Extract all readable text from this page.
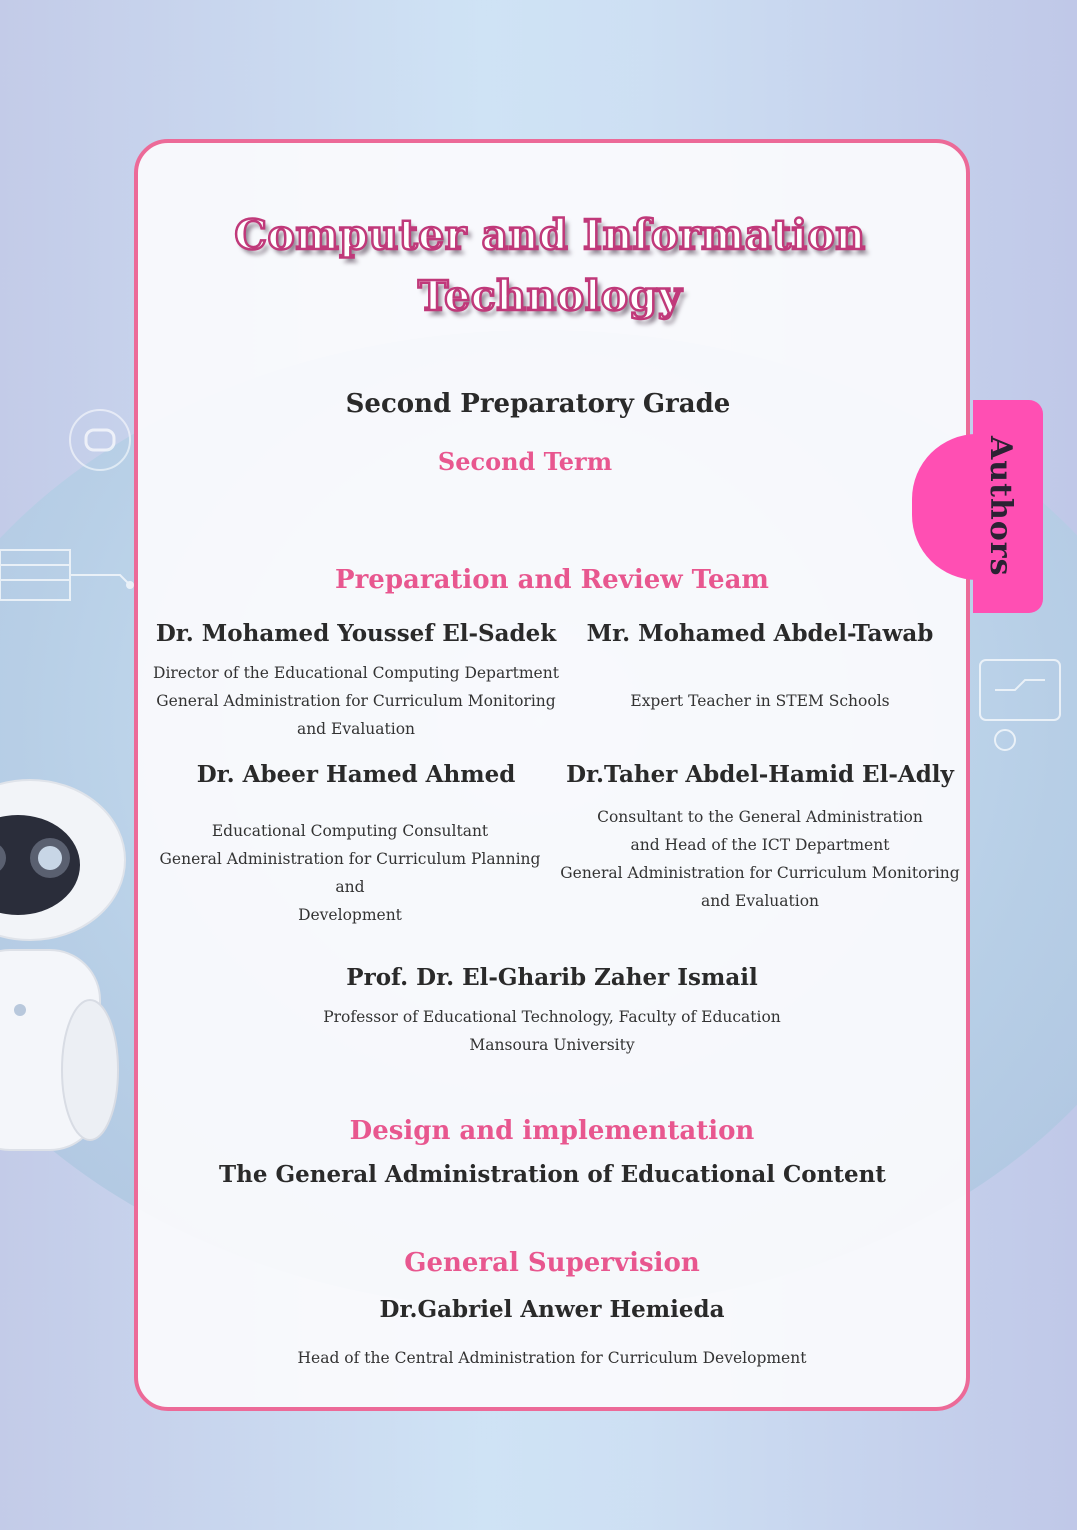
Authors
Computer and Information
Technology
Second Preparatory Grade
Second Term
Preparation and Review Team
Dr. Mohamed Youssef El-Sadek
Director of the Educational Computing Department
General Administration for Curriculum Monitoring
and Evaluation
Mr. Mohamed Abdel-Tawab
Expert Teacher in STEM Schools
Dr. Abeer Hamed Ahmed
Educational Computing Consultant
General Administration for Curriculum Planning and
Development
Dr.Taher Abdel-Hamid El-Adly
Consultant to the General Administration
and Head of the ICT Department
General Administration for Curriculum Monitoring
and Evaluation
Prof. Dr. El-Gharib Zaher Ismail
Professor of Educational Technology, Faculty of Education
Mansoura University
Design and implementation
The General Administration of Educational Content
General Supervision
Dr.Gabriel Anwer Hemieda
Head of the Central Administration for Curriculum Development
